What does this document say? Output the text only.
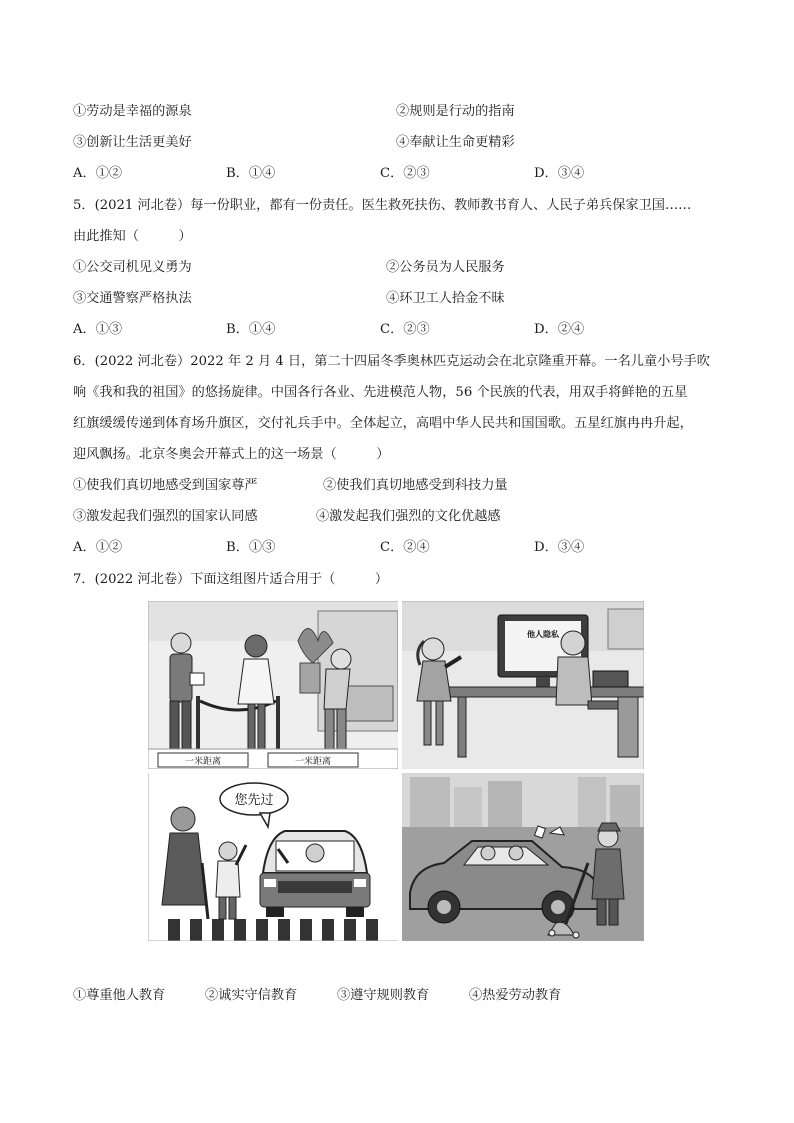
①劳动是幸福的源泉	②规则是行动的指南
③创新让生活更美好	④奉献让生命更精彩
A．①②	B．①④	C．②③	D．③④
5．(2021 河北卷）每一份职业，都有一份责任。医生救死扶伤、教师教书育人、人民子弟兵保家卫国……
由此推知（　　　）
①公交司机见义勇为	②公务员为人民服务
③交通警察严格执法	④环卫工人拾金不昧
A．①③	B．①④	C．②③	D．②④
6．(2022 河北卷）2022 年 2 月 4 日，第二十四届冬季奥林匹克运动会在北京隆重开幕。一名儿童小号手吹
响《我和我的祖国》的悠扬旋律。中国各行各业、先进模范人物，56 个民族的代表，用双手将鲜艳的五星
红旗缓缓传递到体育场升旗区，交付礼兵手中。全体起立，高唱中华人民共和国国歌。五星红旗冉冉升起，
迎风飘扬。北京冬奥会开幕式上的这一场景（　　　）
①使我们真切地感受到国家尊严	②使我们真切地感受到科技力量
③激发起我们强烈的国家认同感	④激发起我们强烈的文化优越感
A．①②	B．①③	C．②④	D．③④
7．(2022 河北卷）下面这组图片适合用于（　　　）
一米距离	一米距离
他人隐私
您先过
①尊重他人教育	②诚实守信教育	③遵守规则教育	④热爱劳动教育
